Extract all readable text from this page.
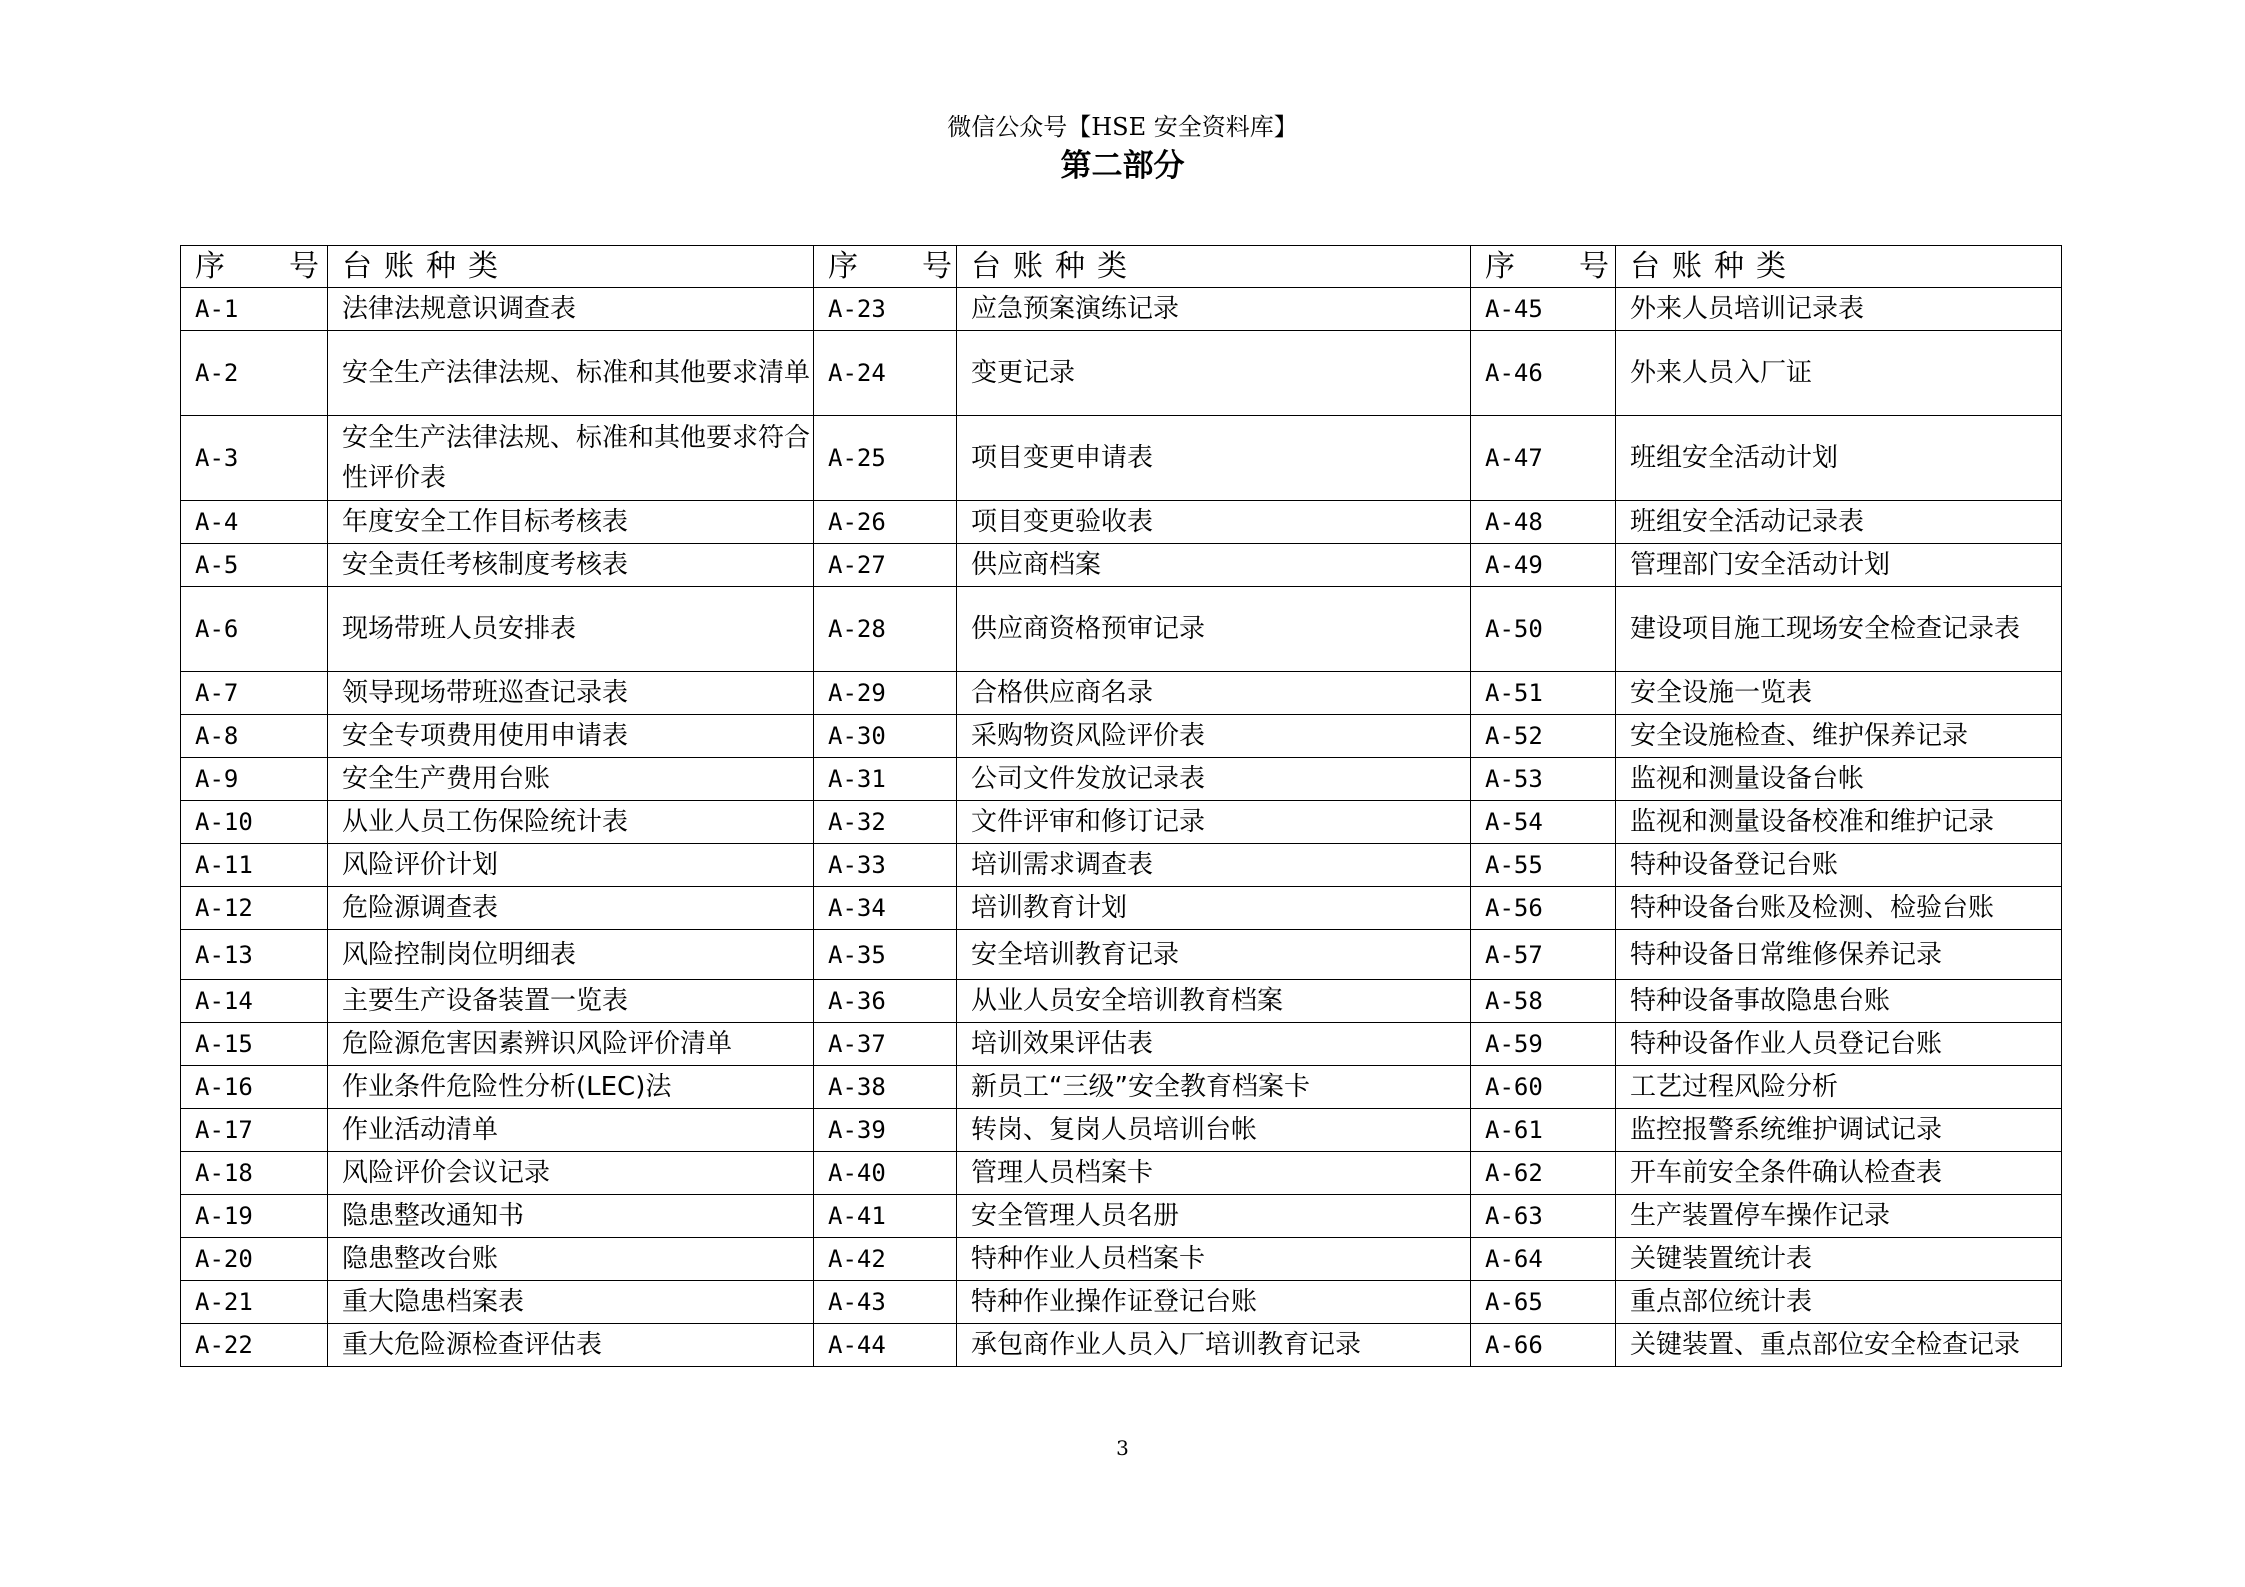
微信公众号【HSE 安全资料库】
第二部分
序 号	台账种类	序 号	台账种类	序 号	台账种类
A-1	法律法规意识调查表	A-23	应急预案演练记录	A-45	外来人员培训记录表
A-2	安全生产法律法规、标准和其他要求清单	A-24	变更记录	A-46	外来人员入厂证
A-3	安全生产法律法规、标准和其他要求符合性评价表	A-25	项目变更申请表	A-47	班组安全活动计划
A-4	年度安全工作目标考核表	A-26	项目变更验收表	A-48	班组安全活动记录表
A-5	安全责任考核制度考核表	A-27	供应商档案	A-49	管理部门安全活动计划
A-6	现场带班人员安排表	A-28	供应商资格预审记录	A-50	建设项目施工现场安全检查记录表
A-7	领导现场带班巡查记录表	A-29	合格供应商名录	A-51	安全设施一览表
A-8	安全专项费用使用申请表	A-30	采购物资风险评价表	A-52	安全设施检查、维护保养记录
A-9	安全生产费用台账	A-31	公司文件发放记录表	A-53	监视和测量设备台帐
A-10	从业人员工伤保险统计表	A-32	文件评审和修订记录	A-54	监视和测量设备校准和维护记录
A-11	风险评价计划	A-33	培训需求调查表	A-55	特种设备登记台账
A-12	危险源调查表	A-34	培训教育计划	A-56	特种设备台账及检测、检验台账
A-13	风险控制岗位明细表	A-35	安全培训教育记录	A-57	特种设备日常维修保养记录
A-14	主要生产设备装置一览表	A-36	从业人员安全培训教育档案	A-58	特种设备事故隐患台账
A-15	危险源危害因素辨识风险评价清单	A-37	培训效果评估表	A-59	特种设备作业人员登记台账
A-16	作业条件危险性分析(LEC)法	A-38	新员工“三级”安全教育档案卡	A-60	工艺过程风险分析
A-17	作业活动清单	A-39	转岗、复岗人员培训台帐	A-61	监控报警系统维护调试记录
A-18	风险评价会议记录	A-40	管理人员档案卡	A-62	开车前安全条件确认检查表
A-19	隐患整改通知书	A-41	安全管理人员名册	A-63	生产装置停车操作记录
A-20	隐患整改台账	A-42	特种作业人员档案卡	A-64	关键装置统计表
A-21	重大隐患档案表	A-43	特种作业操作证登记台账	A-65	重点部位统计表
A-22	重大危险源检查评估表	A-44	承包商作业人员入厂培训教育记录	A-66	关键装置、重点部位安全检查记录
3
